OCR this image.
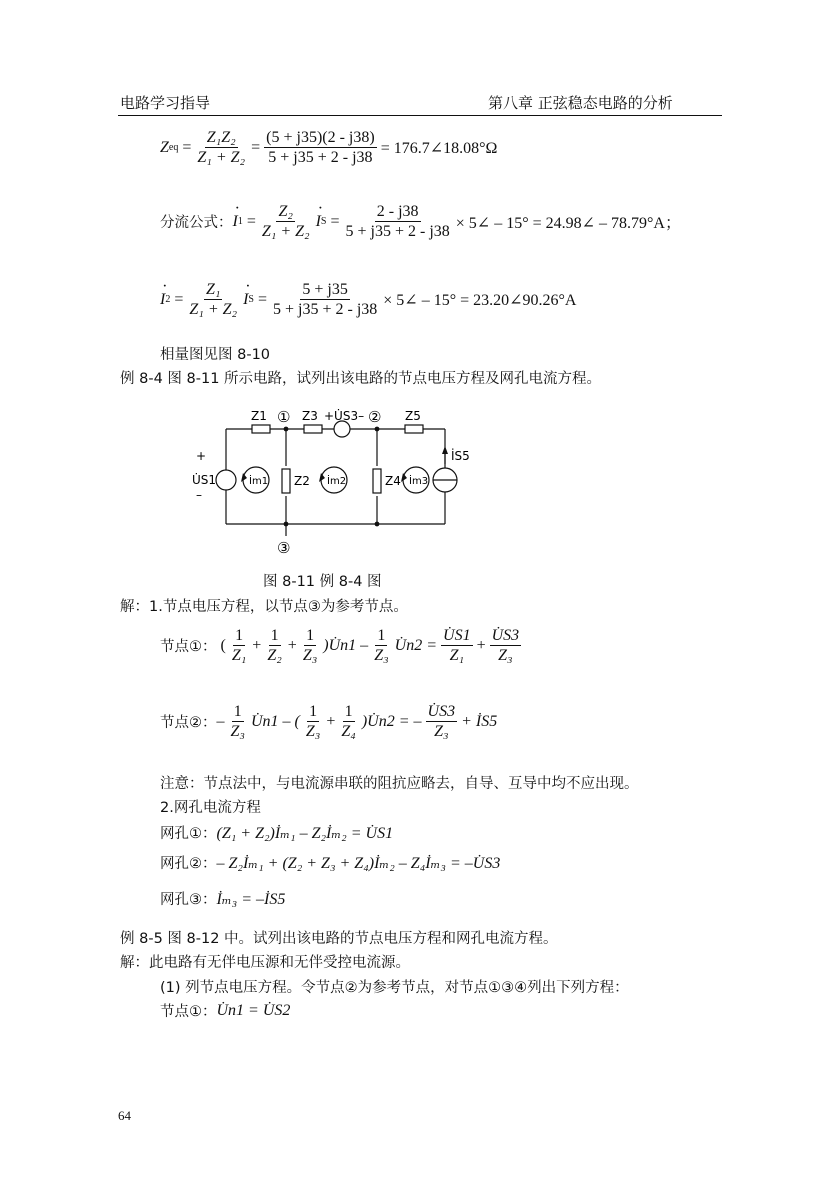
电路学习指导	第八章 正弦稳态电路的分析
Z eq = $\frac{\text{Z₁Z₂}}{\text{Z₁ + Z₂}} = \frac{(5 + j35)(2 - j38)}{5 + j35 + 2 - j38}$ = 176.7∠18.08°Ω
分流公式：
· I $1 = \frac{\text{Z₂}}{\text{Z₁ + Z₂}}$
· I $S = \frac{2 - j38}{5 + j35 + 2 - j38}$ × 5∠ – 15° = 24.98∠ – 78.79°A；
· I $2 = \frac{\text{Z₁}}{\text{Z₁ + Z₂}}$
· I $S = \frac{5 + j35}{5 + j35 + 2 - j38}$ × 5∠ – 15° = 23.20∠90.26°A
相量图见图 8-10
例 8-4 图 8-11 所示电路，试列出该电路的节点电压方程及网孔电流方程。
Z1 ① Z3 +U̇S3– ② Z5
İS5
+
U̇S1
–
Z2	Z4
İm1	İm2	İm3
③
图 8-11 例 8-4 图
解：1.节点电压方程，以节点③为参考节点。
节点①： ( $\frac{1}{\text{Z₁}} + \frac{1}{\text{Z₂}} + \frac{1}{\text{Z₃}}$ )U̇n1 – $\frac{1}{\text{Z₃}}$ U̇n2 = $\frac{U̇S1}{\text{Z₁}} + \frac{U̇S3}{\text{Z₃}}$
节点②： – $\frac{1}{\text{Z₃}}$ U̇n1 – ( $\frac{1}{\text{Z₃}} + \frac{1}{\text{Z₄}}$ )U̇n2 = – $\frac{U̇S3}{\text{Z₃}}$ + İS5
注意：节点法中，与电流源串联的阻抗应略去，自导、互导中均不应出现。
2.网孔电流方程
网孔①： (Z₁ + Z₂)İₘ₁ – Z₂İₘ₂ = U̇S1
网孔②： – Z₂İₘ₁ + (Z₂ + Z₃ + Z₄)İₘ₂ – Z₄İₘ₃ = –U̇S3
网孔③： İₘ₃ = –İS5
例 8-5 图 8-12 中。试列出该电路的节点电压方程和网孔电流方程。
解：此电路有无伴电压源和无伴受控电流源。
(1) 列节点电压方程。令节点②为参考节点，对节点①③④列出下列方程：
节点①： U̇n1 = U̇S2
64
